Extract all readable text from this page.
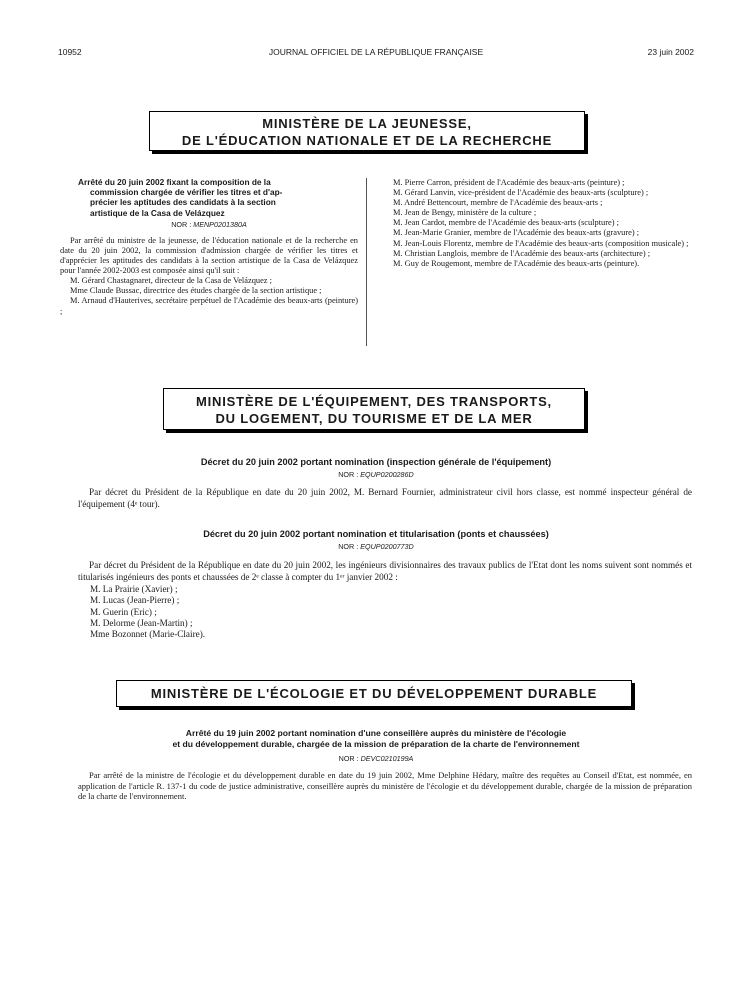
10952	JOURNAL OFFICIEL DE LA RÉPUBLIQUE FRANÇAISE	23 juin 2002
MINISTÈRE DE LA JEUNESSE,
DE L'ÉDUCATION NATIONALE ET DE LA RECHERCHE
Arrêté du 20 juin 2002 fixant la composition de la
commission chargée de vérifier les titres et d'ap-
précier les aptitudes des candidats à la section
artistique de la Casa de Velázquez
NOR : MENP0201380A

Par arrêté du ministre de la jeunesse, de l'éducation nationale et de la recherche en date du 20 juin 2002, la commission d'admission chargée de vérifier les titres et d'apprécier les aptitudes des candidats à la section artistique de la Casa de Velázquez pour l'année 2002-2003 est composée ainsi qu'il suit :

M. Gérard Chastagnaret, directeur de la Casa de Velázquez ;

Mme Claude Bussac, directrice des études chargée de la section artistique ;

M. Arnaud d'Hauterives, secrétaire perpétuel de l'Académie des beaux-arts (peinture) ;

M. Pierre Carron, président de l'Académie des beaux-arts (peinture) ;

M. Gérard Lanvin, vice-président de l'Académie des beaux-arts (sculpture) ;

M. André Bettencourt, membre de l'Académie des beaux-arts ;

M. Jean de Bengy, ministère de la culture ;

M. Jean Cardot, membre de l'Académie des beaux-arts (sculpture) ;

M. Jean-Marie Granier, membre de l'Académie des beaux-arts (gravure) ;

M. Jean-Louis Florentz, membre de l'Académie des beaux-arts (composition musicale) ;

M. Christian Langlois, membre de l'Académie des beaux-arts (architecture) ;

M. Guy de Rougemont, membre de l'Académie des beaux-arts (peinture).

MINISTÈRE DE L'ÉQUIPEMENT, DES TRANSPORTS,
DU LOGEMENT, DU TOURISME ET DE LA MER
Décret du 20 juin 2002 portant nomination (inspection générale de l'équipement)
NOR : EQUP0200286D

Par décret du Président de la République en date du 20 juin 2002, M. Bernard Fournier, administrateur civil hors classe, est nommé inspecteur général de l'équipement (4ᵉ tour).

Décret du 20 juin 2002 portant nomination et titularisation (ponts et chaussées)
NOR : EQUP0200773D

Par décret du Président de la République en date du 20 juin 2002, les ingénieurs divisionnaires des travaux publics de l'Etat dont les noms suivent sont nommés et titularisés ingénieurs des ponts et chaussées de 2ᵉ classe à compter du 1ᵉʳ janvier 2002 :

M. La Prairie (Xavier) ;
M. Lucas (Jean-Pierre) ;
M. Guerin (Eric) ;
M. Delorme (Jean-Martin) ;
Mme Bozonnet (Marie-Claire).
MINISTÈRE DE L'ÉCOLOGIE ET DU DÉVELOPPEMENT DURABLE
Arrêté du 19 juin 2002 portant nomination d'une conseillère auprès du ministère de l'écologie
et du développement durable, chargée de la mission de préparation de la charte de l'environnement
NOR : DEVC0210199A

Par arrêté de la ministre de l'écologie et du développement durable en date du 19 juin 2002, Mme Delphine Hédary, maître des requêtes au Conseil d'Etat, est nommée, en application de l'article R. 137-1 du code de justice administrative, conseillère auprès du ministère de l'écologie et du développement durable, chargée de la mission de préparation de la charte de l'environnement.
